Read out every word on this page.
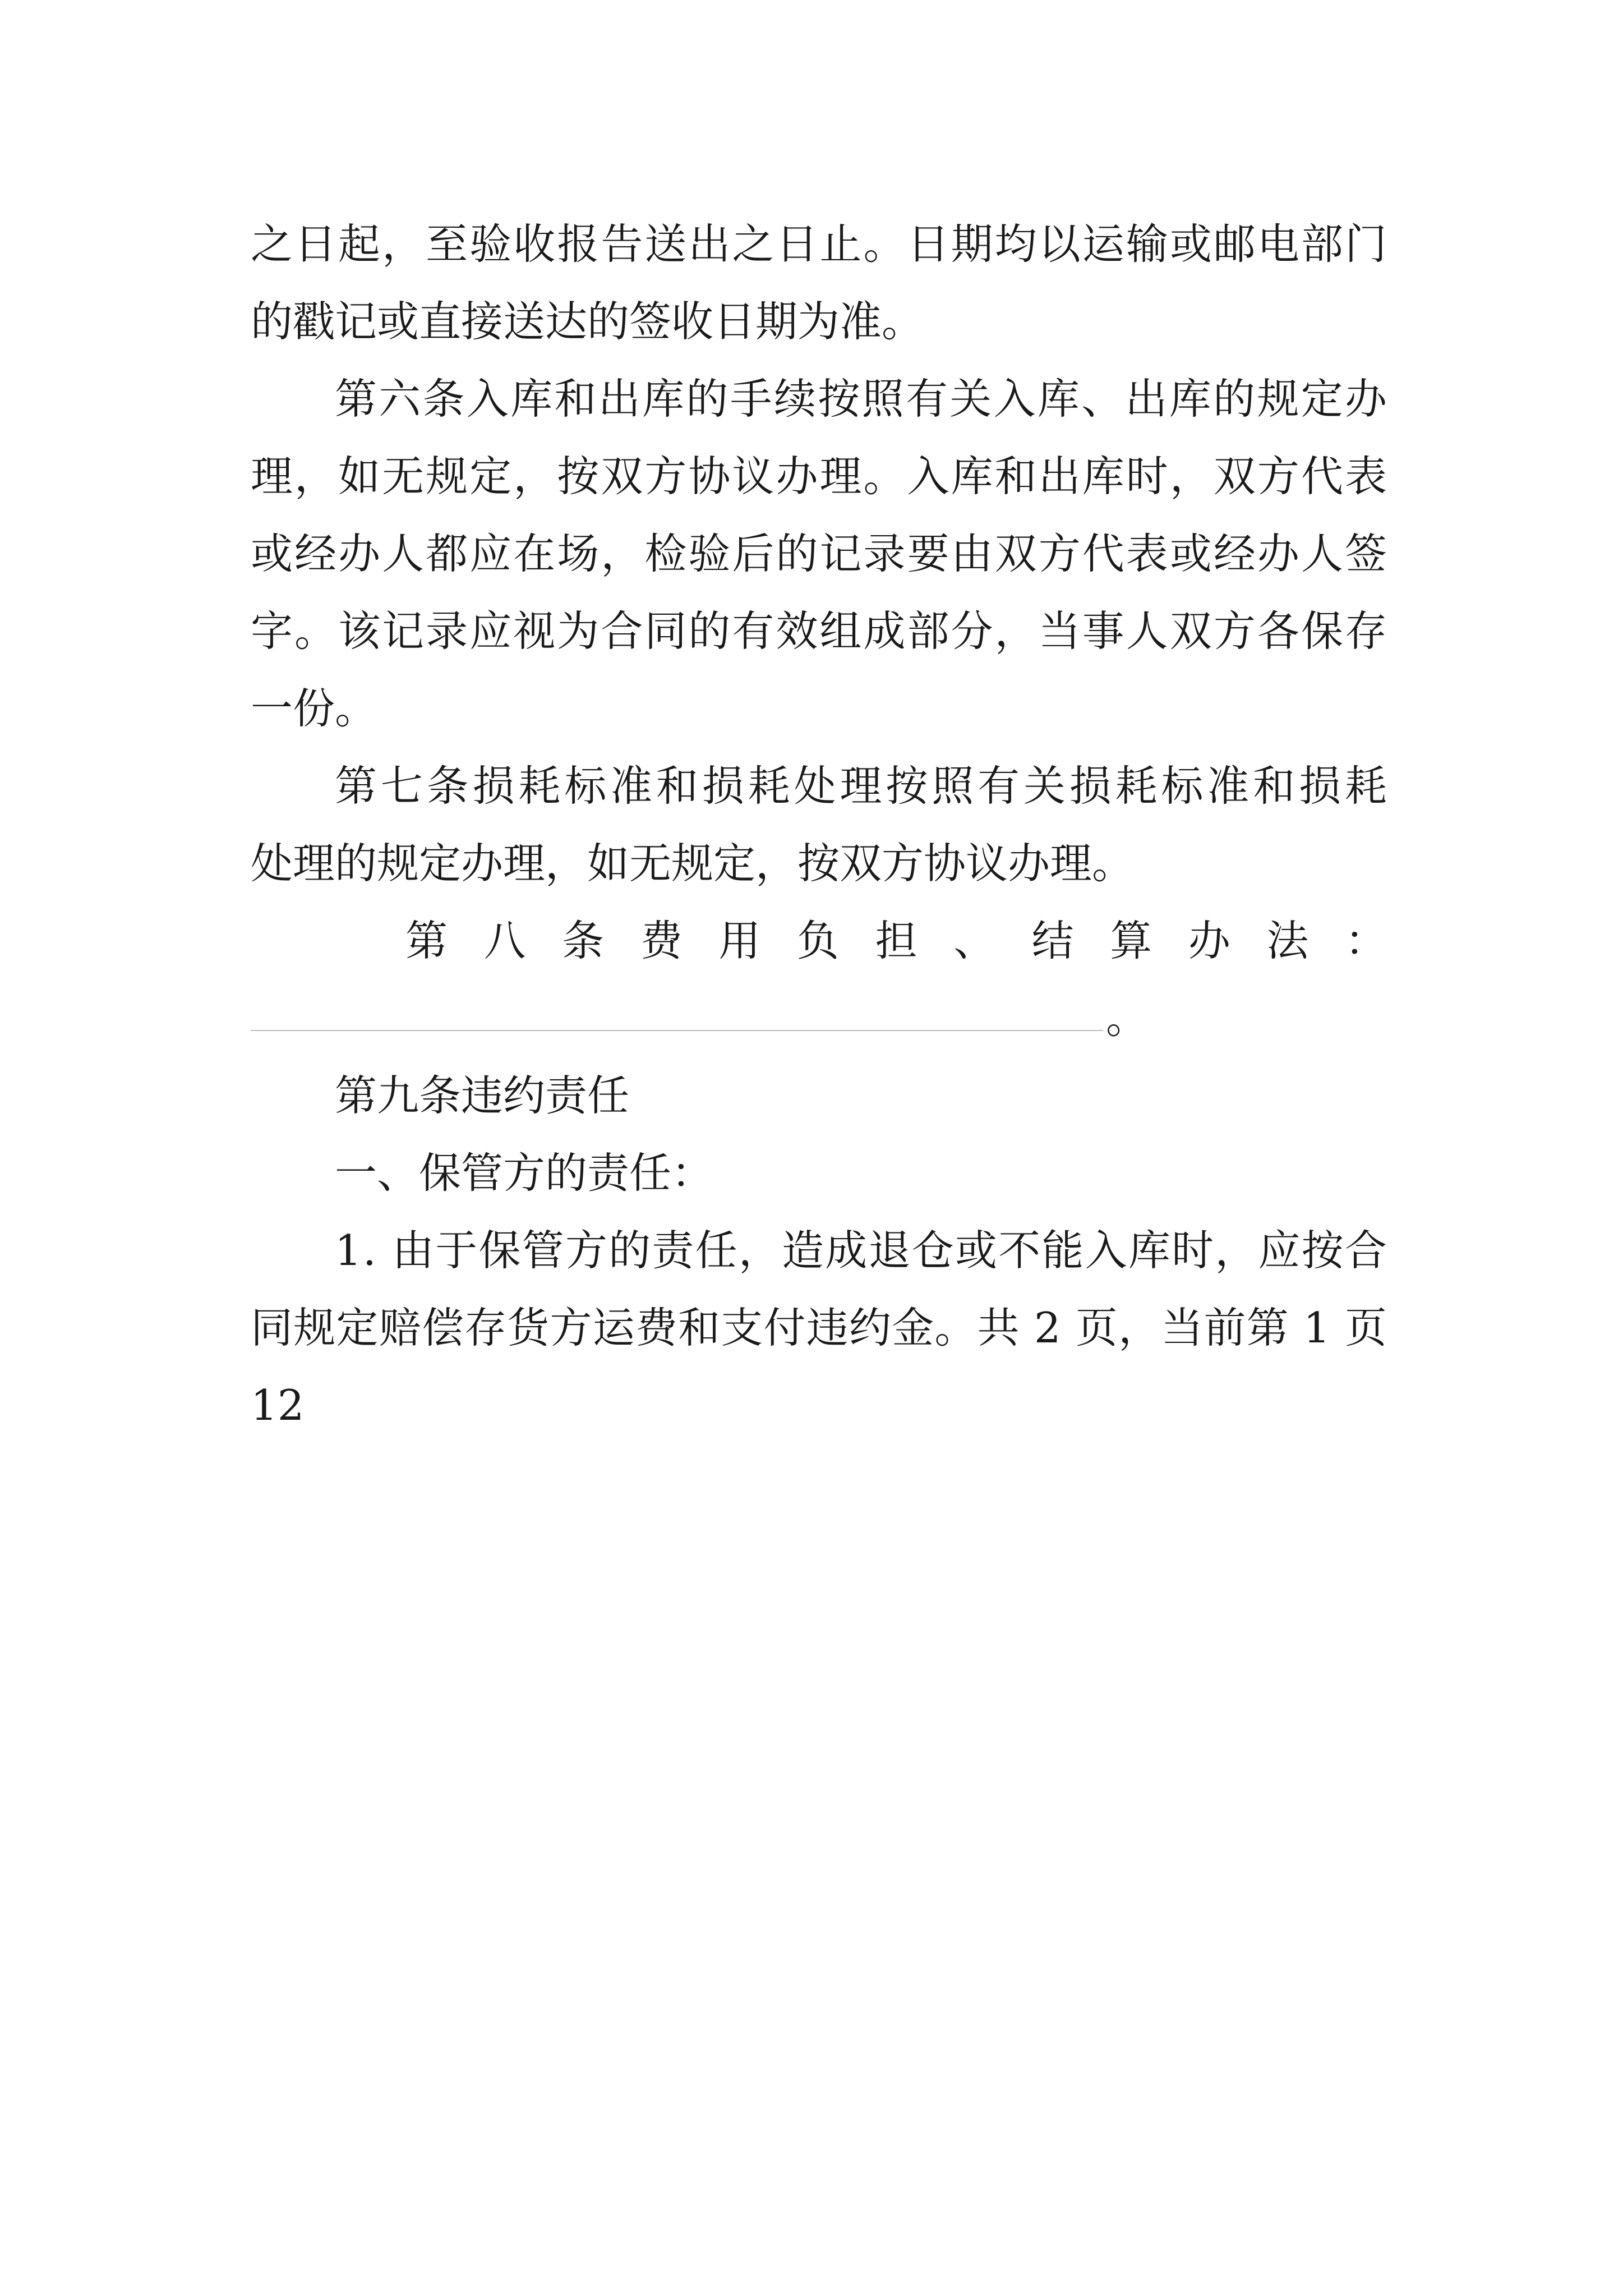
之日起，至验收报告送出之日止。日期均以运输或邮电部门
的戳记或直接送达的签收日期为准。
第六条入库和出库的手续按照有关入库、出库的规定办
理，如无规定，按双方协议办理。入库和出库时，双方代表
或经办人都应在场，检验后的记录要由双方代表或经办人签
字。该记录应视为合同的有效组成部分，当事人双方各保存
一份。
第七条损耗标准和损耗处理按照有关损耗标准和损耗
处理的规定办理，如无规定，按双方协议办理。
第八条费用负担、结算办法：
。
第九条违约责任
一、保管方的责任：
1. 由于保管方的责任，造成退仓或不能入库时，应按合
同规定赔偿存货方运费和支付违约金。共 2 页，当前第 1 页
12
